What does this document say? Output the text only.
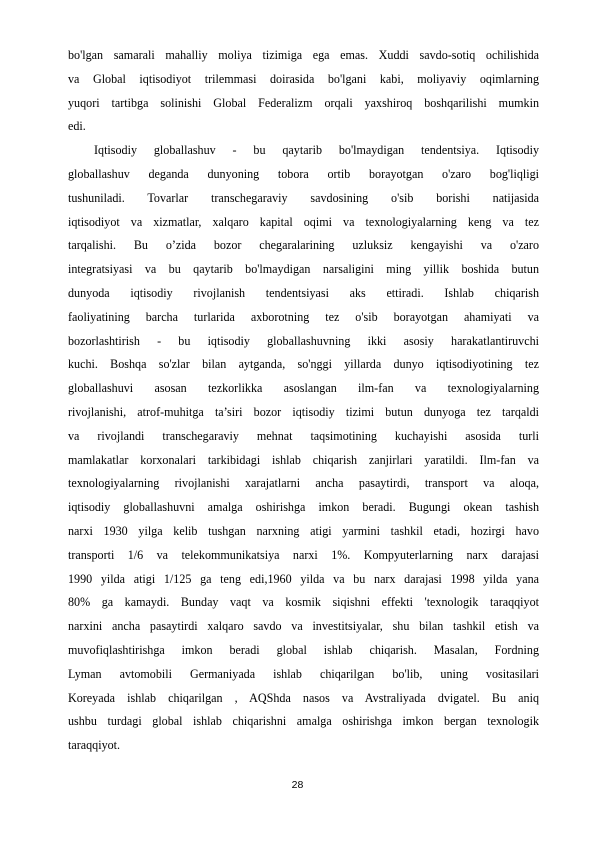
bo'lgan samarali mahalliy moliya tizimiga ega emas. Xuddi savdo-sotiq ochilishida
va Global iqtisodiyot trilemmasi doirasida bo'lgani kabi, moliyaviy oqimlarning
yuqori tartibga solinishi Global Federalizm orqali yaxshiroq boshqarilishi mumkin
edi.
Iqtisodiy globallashuv - bu qaytarib bo'lmaydigan tendentsiya. Iqtisodiy
globallashuv deganda dunyoning tobora ortib borayotgan o'zaro bog'liqligi
tushuniladi. Tovarlar transchegaraviy savdosining o'sib borishi natijasida
iqtisodiyot va xizmatlar, xalqaro kapital oqimi va texnologiyalarning keng va tez
tarqalishi. Bu o’zida bozor chegaralarining uzluksiz kengayishi va o'zaro
integratsiyasi va bu qaytarib bo'lmaydigan narsaligini ming yillik boshida butun
dunyoda iqtisodiy rivojlanish tendentsiyasi aks ettiradi. Ishlab chiqarish
faoliyatining barcha turlarida axborotning tez o'sib borayotgan ahamiyati va
bozorlashtirish - bu iqtisodiy globallashuvning ikki asosiy harakatlantiruvchi
kuchi. Boshqa so'zlar bilan aytganda, so'nggi yillarda dunyo iqtisodiyotining tez
globallashuvi asosan tezkorlikka asoslangan ilm-fan va texnologiyalarning
rivojlanishi, atrof-muhitga ta’siri bozor iqtisodiy tizimi butun dunyoga tez tarqaldi
va rivojlandi transchegaraviy mehnat taqsimotining kuchayishi asosida turli
mamlakatlar korxonalari tarkibidagi ishlab chiqarish zanjirlari yaratildi. Ilm-fan va
texnologiyalarning rivojlanishi xarajatlarni ancha pasaytirdi, transport va aloqa,
iqtisodiy globallashuvni amalga oshirishga imkon beradi. Bugungi okean tashish
narxi 1930 yilga kelib tushgan narxning atigi yarmini tashkil etadi, hozirgi havo
transporti 1/6 va telekommunikatsiya narxi 1%. Kompyuterlarning narx darajasi
1990 yilda atigi 1/125 ga teng edi,1960 yilda va bu narx darajasi 1998 yilda yana
80% ga kamaydi. Bunday vaqt va kosmik siqishni effekti 'texnologik taraqqiyot
narxini ancha pasaytirdi xalqaro savdo va investitsiyalar, shu bilan tashkil etish va
muvofiqlashtirishga imkon beradi global ishlab chiqarish. Masalan, Fordning
Lyman avtomobili Germaniyada ishlab chiqarilgan bo'lib, uning vositasilari
Koreyada ishlab chiqarilgan , AQShda nasos va Avstraliyada dvigatel. Bu aniq
ushbu turdagi global ishlab chiqarishni amalga oshirishga imkon bergan texnologik
taraqqiyot.
28
